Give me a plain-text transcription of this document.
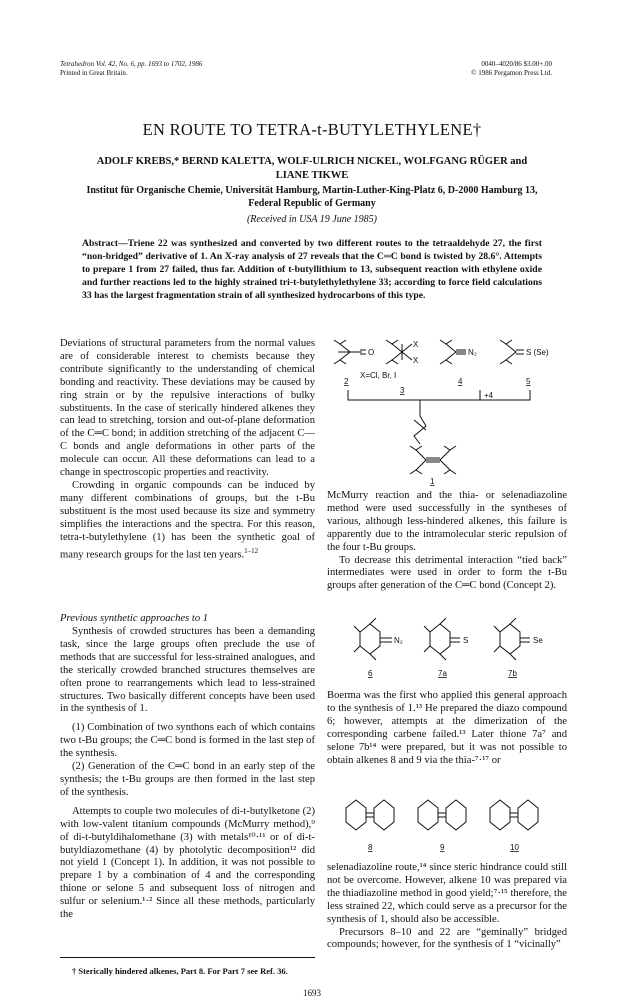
Tetrahedron Vol. 42, No. 6, pp. 1693 to 1702, 1986
Printed in Great Britain.
0040–4020/86 $3.00+.00
© 1986 Pergamon Press Ltd.
EN ROUTE TO TETRA-t-BUTYLETHYLENE†
ADOLF KREBS,* BERND KALETTA, WOLF-ULRICH NICKEL, WOLFGANG RÜGER and
LIANE TIKWE
Institut für Organische Chemie, Universität Hamburg, Martin-Luther-King-Platz 6, D-2000 Hamburg 13,
Federal Republic of Germany
(Received in USA 19 June 1985)
Abstract—Triene 22 was synthesized and converted by two different routes to the tetraaldehyde 27, the first “non-bridged” derivative of 1. An X-ray analysis of 27 reveals that the C═C bond is twisted by 28.6°. Attempts to prepare 1 from 27 failed, thus far. Addition of t-butyllithium to 13, subsequent reaction with ethylene oxide and further reactions led to the highly strained tri-t-butylethylethylene 33; according to force field calculations 33 has the largest fragmentation strain of all synthesized hydrocarbons of this type.

Deviations of structural parameters from the normal values are of considerable interest to chemists because they contribute significantly to the understanding of chemical bonding and reactivity. These deviations may be caused by ring strain or by the repulsive interactions of bulky substituents. In the case of sterically hindered alkenes they can lead to stretching, torsion and out-of-plane deformation of the C═C bond; in addition stretching of the adjacent C—C bonds and angle deformations in other parts of the molecule can occur. All these deformations can lead to a change in spectroscopic properties and reactivity.

Crowding in organic compounds can be induced by many different combinations of groups, but the t-Bu substituent is the most used because its size and symmetry simplifies the interactions and the spectra. For this reason, tetra-t-butylethylene (1) has been the synthetic goal of many research groups for the last ten years.$^{1-12}$

Previous synthetic approaches to 1

Synthesis of crowded structures has been a demanding task, since the large groups often preclude the use of methods that are successful for less-strained analogues, and the sterically crowded branched structures themselves are often prone to rearrangements which lead to less-strained structures. Two basically different concepts have been used in the synthesis of 1.

(1) Combination of two synthons each of which contains two t-Bu groups; the C═C bond is formed in the last step of the synthesis.

(2) Generation of the C═C bond in an early step of the synthesis; the t-Bu groups are then formed in the last step of the synthesis.

Attempts to couple two molecules of di-t-butylketone (2) with low-valent titanium compounds (McMurry method),⁹ of di-t-butyldihalomethane (3) with metals¹⁰·¹¹ or of di-t-butyldiazomethane (4) by photolytic decomposition¹² did not yield 1 (Concept 1). In addition, it was not possible to prepare 1 by a combination of 4 and the corresponding thione or selone 5 and subsequent loss of nitrogen and sulfur or selenium.¹·² Since all these methods, particularly the

O
X
X
N₂	S (Se)
X=Cl, Br, I
2
3
4	5
+4
1

McMurry reaction and the thia- or selenadiazoline method were used successfully in the syntheses of various, although less-hindered alkenes, this failure is apparently due to the intramolecular steric repulsion of the four t-Bu groups.

To decrease this detrimental interaction “tied back” intermediates were used in order to form the t-Bu groups after generation of the C═C bond (Concept 2).

N₂	S	Se
6	7a	7b

Boerma was the first who applied this general approach to the synthesis of 1.¹³ He prepared the diazo compound 6; however, attempts at the dimerization of the corresponding carbene failed.¹³ Later thione 7a⁷ and selone 7b¹⁴ were prepared, but it was not possible to obtain alkenes 8 and 9 via the thia-⁷·¹⁷ or

8	9	10

selenadiazoline route,¹⁴ since steric hindrance could still not be overcome. However, alkene 10 was prepared via the thiadiazoline method in good yield;⁷·¹⁵ therefore, the less strained 22, which could serve as a precursor for the synthesis of 1, should also be accessible.

Precursors 8–10 and 22 are “geminally” bridged compounds; however, for the synthesis of 1 “vicinally”

† Sterically hindered alkenes, Part 8. For Part 7 see Ref. 36.
1693
